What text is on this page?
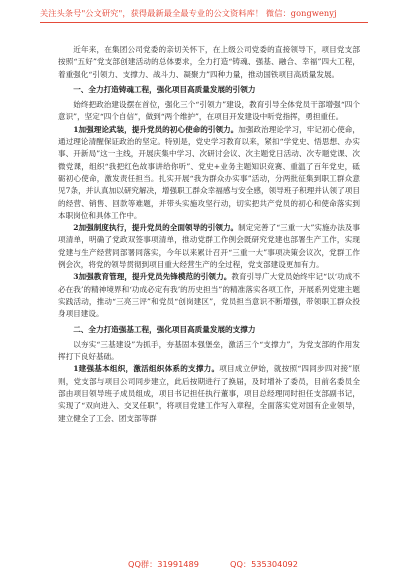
关注头条号"公文研究"，获得最新最全最专业的公文资料库！ 微信：gongwenyj

近年来，在集团公司党委的亲切关怀下，在上级公司党委的直接领导下，项目党支部按照“五好”党支部创建活动的总体要求，全力打造“铸魂、强基、融合、幸福”四大工程，着重强化“引领力、支撑力、战斗力、凝聚力”四种力量，推动国铁项目高质量发展。

一、全力打造铸魂工程，强化项目高质量发展的引领力

始终把政治建设摆在首位，强化三个“引领力”建设，教育引导全体党员干部增强“四个意识”，坚定“四个自信”，做到“两个维护”，在项目开发建设中听党指挥，勇担重任。

1加强理论武装，提升党员的初心使命的引领力。加强政治理论学习，牢记初心使命，通过理论清醒保证政治的坚定。特别是，党史学习教育以来，紧扣“学党史、悟思想、办实事、开新局”这一主线，开展庆集中学习、次研讨会议、次主题党日活动、次专题党课、次微党课，组织“我把红色故事讲给你听”、党史+业务主题知识竞赛、重温了百年党史，砥砺初心使命，激发责任担当。扎实开展“我为群众办实事”活动，分两批征集到职工群众意见7条，并认真加以研究解决，增强职工群众幸福感与安全感，领导班子积理并认领了项目的经营、销售、回款等难题，并带头实施攻坚行动，切实把共产党员的初心和使命落实到本职岗位和具体工作中。

2加强制度执行，提升党员的全面领导的引领力。制定完善了“三重一大”实施办法及事项清单，明确了党政双签事项清单，推动党群工作例会既研究党建也部署生产工作，实现党建与生产经营同部署同落实，今年以来累计召开“三重一大”事项决策会议次，党群工作例会次，将党的领导贯彻到项目重大经营生产的全过程，党支部建设更加有力。

3加强教育管理，提升党员先锋模范的引领力。教育引导广大党员始终牢记“以‘功成不必在我’的精神境界和‘功成必定有我’的历史担当”的精准落实各项工作，开展系列党建主题实践活动，推动“三亮三评”和党员“创岗建区”，党员担当意识不断增强，带领职工群众投身项目建设。

二、全力打造强基工程，强化项目高质量发展的支撑力

以夯实“三基建设”为抓手，夯基固本强堡垒，激活三个“支撑力”，为党支部的作用发挥打下良好基础。

1建强基本组织，激活组织体系的支撑力。项目成立伊始，就按照“四同步四对接”原则，党支部与项目公司同步建立，此后按期进行了换届，及时增补了委员，目前名委员全部由项目领导班子成员组成，项目书记担任执行董事，项目总经理同时担任支部副书记，实现了“双向进入、交叉任职”，将项目党建工作写入章程，全面落实党对国有企业领导，建立健全了工会、团支部等群

QQ群：31991489	QQ：535304092
